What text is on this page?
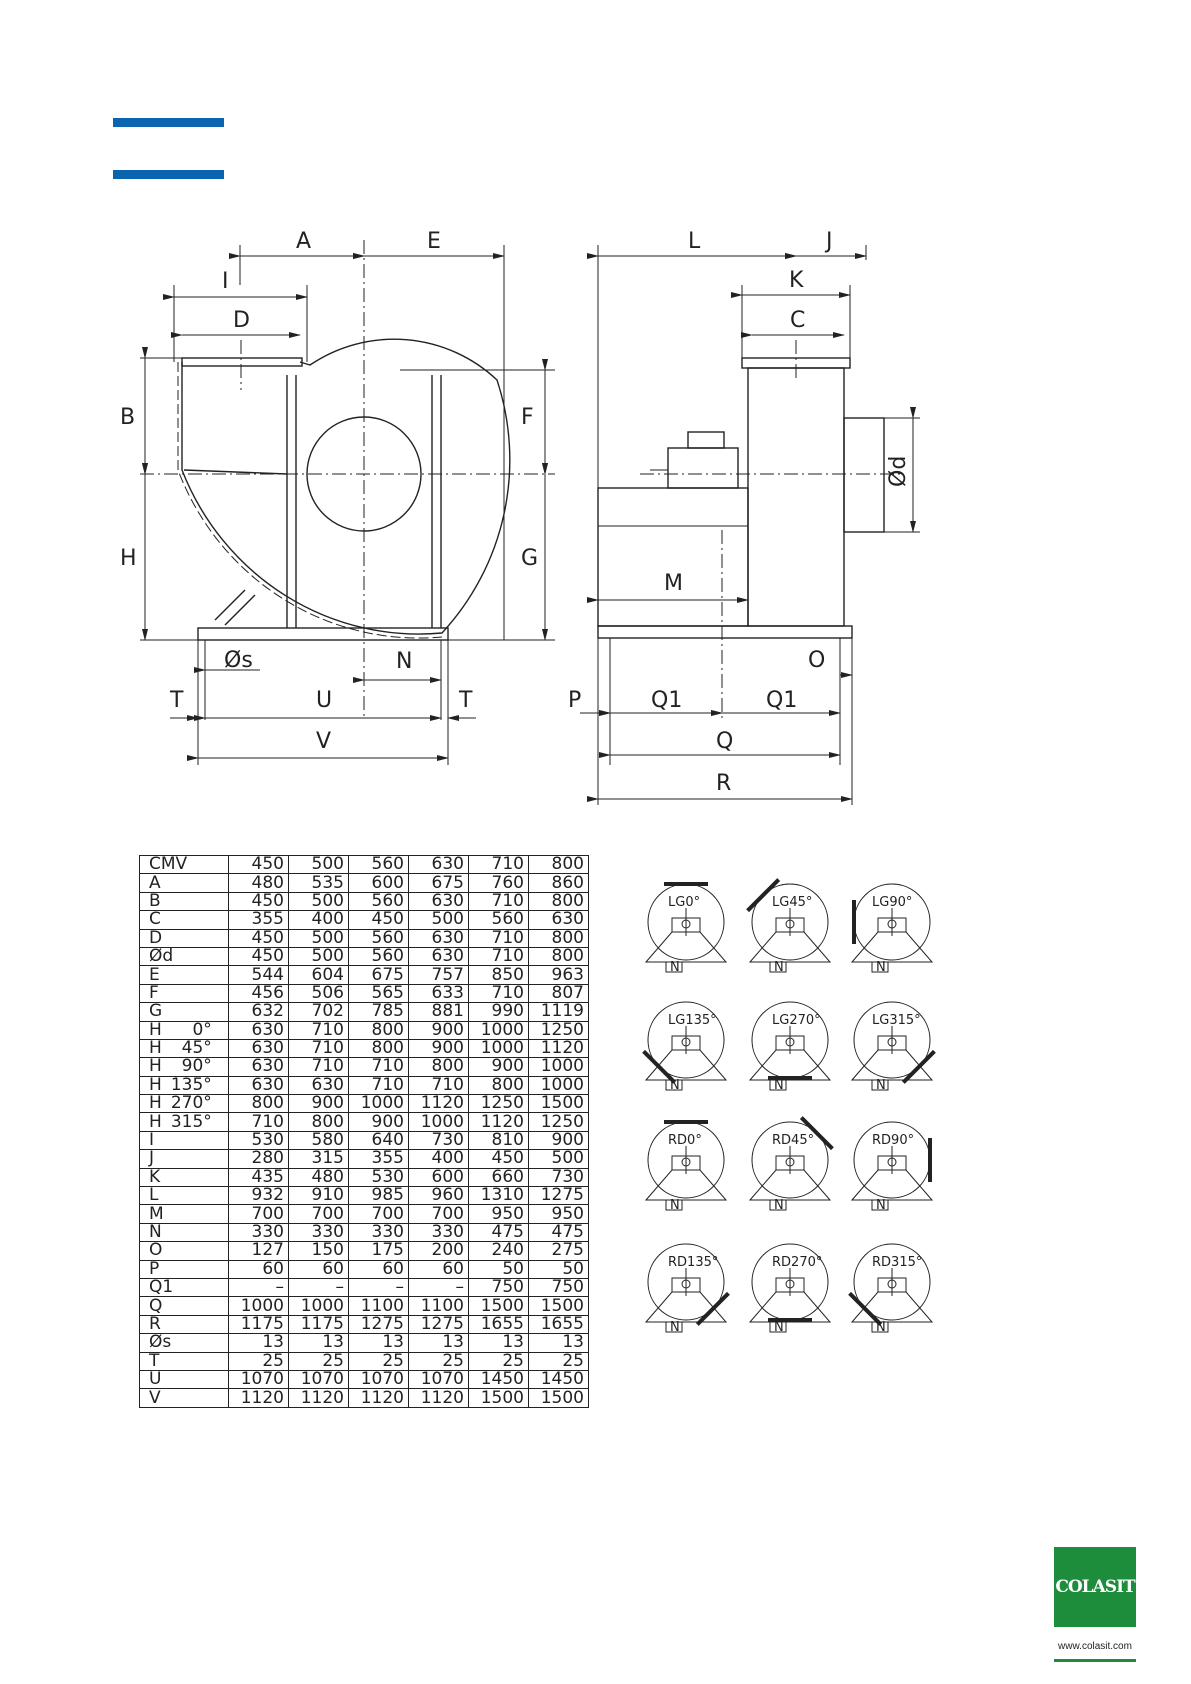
A	E
I
D
B	F
H	G
Øs	N
T	U	T
V
L	J
K
C
Ød
M
O
P	Q1	Q1
Q
R
N
LG0°
N
LG45°
N
LG90°
N
LG135°
N
LG270°
N
LG315°
N
RD0°
N
RD45°
N
RD90°
N
RD135°
N
RD270°
N
RD315°
CMV	450	500	560	630	710	800
A	480	535	600	675	760	860
B	450	500	560	630	710	800
C	355	400	450	500	560	630
D	450	500	560	630	710	800
Ød	450	500	560	630	710	800
E	544	604	675	757	850	963
F	456	506	565	633	710	807
G	632	702	785	881	990	1119
H 0°	630	710	800	900	1000	1250
H 45°	630	710	800	900	1000	1120
H 90°	630	710	710	800	900	1000
H 135°	630	630	710	710	800	1000
H 270°	800	900	1000	1120	1250	1500
H 315°	710	800	900	1000	1120	1250
I	530	580	640	730	810	900
J	280	315	355	400	450	500
K	435	480	530	600	660	730
L	932	910	985	960	1310	1275
M	700	700	700	700	950	950
N	330	330	330	330	475	475
O	127	150	175	200	240	275
P	60	60	60	60	50	50
Q1	–	–	–	–	750	750
Q	1000	1000	1100	1100	1500	1500
R	1175	1175	1275	1275	1655	1655
Øs	13	13	13	13	13	13
T	25	25	25	25	25	25
U	1070	1070	1070	1070	1450	1450
V	1120	1120	1120	1120	1500	1500
COLASIT
www.colasit.com
